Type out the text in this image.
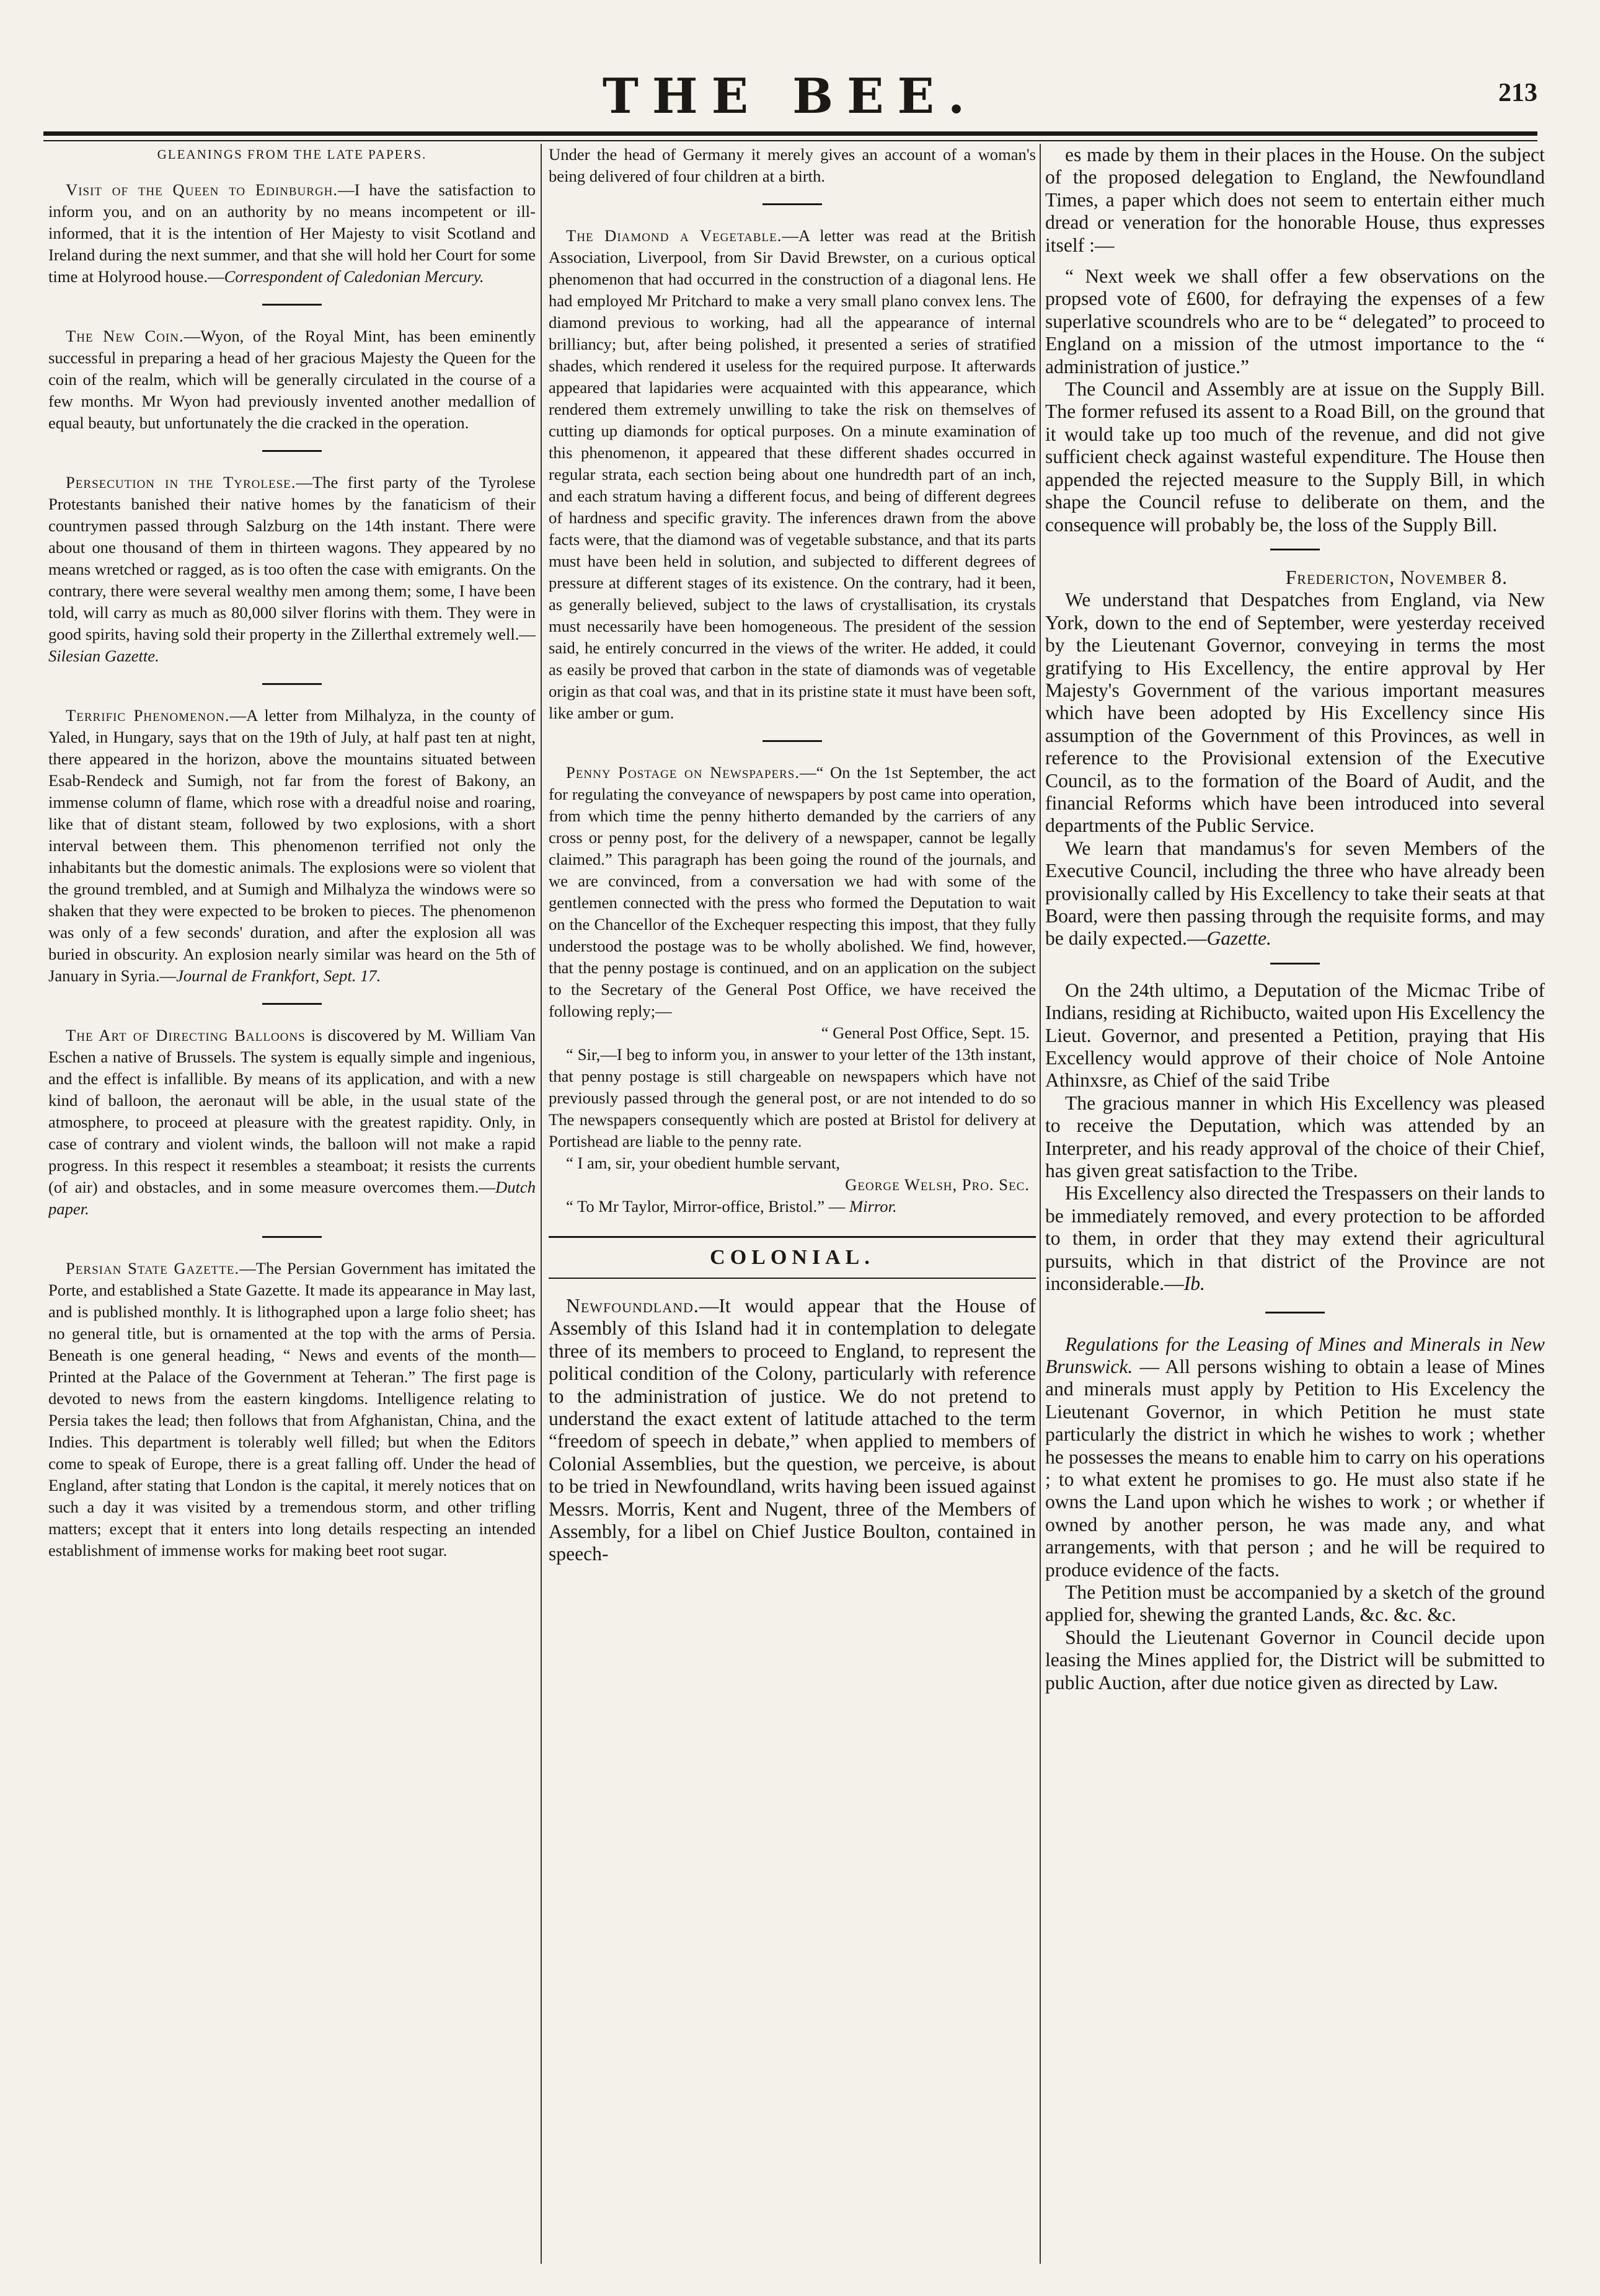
THE BEE.	213

GLEANINGS FROM THE LATE PAPERS.

Visit of the Queen to Edinburgh.—I have the satisfaction to inform you, and on an authority by no means incompetent or ill-informed, that it is the intention of Her Majesty to visit Scotland and Ireland during the next summer, and that she will hold her Court for some time at Holyrood house.—Correspondent of Caledonian Mercury.

The New Coin.—Wyon, of the Royal Mint, has been eminently successful in preparing a head of her gracious Majesty the Queen for the coin of the realm, which will be generally circulated in the course of a few months. Mr Wyon had previously invented another medallion of equal beauty, but unfortunately the die cracked in the operation.

Persecution in the Tyrolese.—The first party of the Tyrolese Protestants banished their native homes by the fanaticism of their countrymen passed through Salzburg on the 14th instant. There were about one thousand of them in thirteen wagons. They appeared by no means wretched or ragged, as is too often the case with emigrants. On the contrary, there were several wealthy men among them; some, I have been told, will carry as much as 80,000 silver florins with them. They were in good spirits, having sold their property in the Zillerthal extremely well.—Silesian Gazette.

Terrific Phenomenon.—A letter from Milhalyza, in the county of Yaled, in Hungary, says that on the 19th of July, at half past ten at night, there appeared in the horizon, above the mountains situated between Esab-Rendeck and Sumigh, not far from the forest of Bakony, an immense column of flame, which rose with a dreadful noise and roaring, like that of distant steam, followed by two explosions, with a short interval between them. This phenomenon terrified not only the inhabitants but the domestic animals. The explosions were so violent that the ground trembled, and at Sumigh and Milhalyza the windows were so shaken that they were expected to be broken to pieces. The phenomenon was only of a few seconds' duration, and after the explosion all was buried in obscurity. An explosion nearly similar was heard on the 5th of January in Syria.—Journal de Frankfort, Sept. 17.

The Art of Directing Balloons is discovered by M. William Van Eschen a native of Brussels. The system is equally simple and ingenious, and the effect is infallible. By means of its application, and with a new kind of balloon, the aeronaut will be able, in the usual state of the atmosphere, to proceed at pleasure with the greatest rapidity. Only, in case of contrary and violent winds, the balloon will not make a rapid progress. In this respect it resembles a steamboat; it resists the currents (of air) and obstacles, and in some measure overcomes them.—Dutch paper.

Persian State Gazette.—The Persian Government has imitated the Porte, and established a State Gazette. It made its appearance in May last, and is published monthly. It is lithographed upon a large folio sheet; has no general title, but is ornamented at the top with the arms of Persia. Beneath is one general heading, “ News and events of the month—Printed at the Palace of the Government at Teheran.” The first page is devoted to news from the eastern kingdoms. Intelligence relating to Persia takes the lead; then follows that from Afghanistan, China, and the Indies. This department is tolerably well filled; but when the Editors come to speak of Europe, there is a great falling off. Under the head of England, after stating that London is the capital, it merely notices that on such a day it was visited by a tremendous storm, and other trifling matters; except that it enters into long details respecting an intended establishment of immense works for making beet root sugar.

Under the head of Germany it merely gives an account of a woman's being delivered of four children at a birth.

The Diamond a Vegetable.—A letter was read at the British Association, Liverpool, from Sir David Brewster, on a curious optical phenomenon that had occurred in the construction of a diagonal lens. He had employed Mr Pritchard to make a very small plano convex lens. The diamond previous to working, had all the appearance of internal brilliancy; but, after being polished, it presented a series of stratified shades, which rendered it useless for the required purpose. It afterwards appeared that lapidaries were acquainted with this appearance, which rendered them extremely unwilling to take the risk on themselves of cutting up diamonds for optical purposes. On a minute examination of this phenomenon, it appeared that these different shades occurred in regular strata, each section being about one hundredth part of an inch, and each stratum having a different focus, and being of different degrees of hardness and specific gravity. The inferences drawn from the above facts were, that the diamond was of vegetable substance, and that its parts must have been held in solution, and subjected to different degrees of pressure at different stages of its existence. On the contrary, had it been, as generally believed, subject to the laws of crystallisation, its crystals must necessarily have been homogeneous. The president of the session said, he entirely concurred in the views of the writer. He added, it could as easily be proved that carbon in the state of diamonds was of vegetable origin as that coal was, and that in its pristine state it must have been soft, like amber or gum.

Penny Postage on Newspapers.—“ On the 1st September, the act for regulating the conveyance of newspapers by post came into operation, from which time the penny hitherto demanded by the carriers of any cross or penny post, for the delivery of a newspaper, cannot be legally claimed.” This paragraph has been going the round of the journals, and we are convinced, from a conversation we had with some of the gentlemen connected with the press who formed the Deputation to wait on the Chancellor of the Exchequer respecting this impost, that they fully understood the postage was to be wholly abolished. We find, however, that the penny postage is continued, and on an application on the subject to the Secretary of the General Post Office, we have received the following reply;—

“ General Post Office, Sept. 15.

“ Sir,—I beg to inform you, in answer to your letter of the 13th instant, that penny postage is still chargeable on newspapers which have not previously passed through the general post, or are not intended to do so The newspapers consequently which are posted at Bristol for delivery at Portishead are liable to the penny rate.

“ I am, sir, your obedient humble servant,

George Welsh, Pro. Sec.

“ To Mr Taylor, Mirror-office, Bristol.” — Mirror.

COLONIAL.

Newfoundland.—It would appear that the House of Assembly of this Island had it in contemplation to delegate three of its members to proceed to England, to represent the political condition of the Colony, particularly with reference to the administration of justice. We do not pretend to understand the exact extent of latitude attached to the term “freedom of speech in debate,” when applied to members of Colonial Assemblies, but the question, we perceive, is about to be tried in Newfoundland, writs having been issued against Messrs. Morris, Kent and Nugent, three of the Members of Assembly, for a libel on Chief Justice Boulton, contained in speech-

es made by them in their places in the House. On the subject of the proposed delegation to England, the Newfoundland Times, a paper which does not seem to entertain either much dread or veneration for the honorable House, thus expresses itself :—

“ Next week we shall offer a few observations on the propsed vote of £600, for defraying the expenses of a few superlative scoundrels who are to be “ delegated” to proceed to England on a mission of the utmost importance to the “ administration of justice.”

The Council and Assembly are at issue on the Supply Bill. The former refused its assent to a Road Bill, on the ground that it would take up too much of the revenue, and did not give sufficient check against wasteful expenditure. The House then appended the rejected measure to the Supply Bill, in which shape the Council refuse to deliberate on them, and the consequence will probably be, the loss of the Supply Bill.

Fredericton, November 8.

We understand that Despatches from England, via New York, down to the end of September, were yesterday received by the Lieutenant Governor, conveying in terms the most gratifying to His Excellency, the entire approval by Her Majesty's Government of the various important measures which have been adopted by His Excellency since His assumption of the Government of this Provinces, as well in reference to the Provisional extension of the Executive Council, as to the formation of the Board of Audit, and the financial Reforms which have been introduced into several departments of the Public Service.

We learn that mandamus's for seven Members of the Executive Council, including the three who have already been provisionally called by His Excellency to take their seats at that Board, were then passing through the requisite forms, and may be daily expected.—Gazette.

On the 24th ultimo, a Deputation of the Micmac Tribe of Indians, residing at Richibucto, waited upon His Excellency the Lieut. Governor, and presented a Petition, praying that His Excellency would approve of their choice of Nole Antoine Athinxsre, as Chief of the said Tribe

The gracious manner in which His Excellency was pleased to receive the Deputation, which was attended by an Interpreter, and his ready approval of the choice of their Chief, has given great satisfaction to the Tribe.

His Excellency also directed the Trespassers on their lands to be immediately removed, and every protection to be afforded to them, in order that they may extend their agricultural pursuits, which in that district of the Province are not inconsiderable.—Ib.

Regulations for the Leasing of Mines and Minerals in New Brunswick. — All persons wishing to obtain a lease of Mines and minerals must apply by Petition to His Excelency the Lieutenant Governor, in which Petition he must state particularly the district in which he wishes to work ; whether he possesses the means to enable him to carry on his operations ; to what extent he promises to go. He must also state if he owns the Land upon which he wishes to work ; or whether if owned by another person, he was made any, and what arrangements, with that person ; and he will be required to produce evidence of the facts.

The Petition must be accompanied by a sketch of the ground applied for, shewing the granted Lands, &c. &c. &c.

Should the Lieutenant Governor in Council decide upon leasing the Mines applied for, the District will be submitted to public Auction, after due notice given as directed by Law.
